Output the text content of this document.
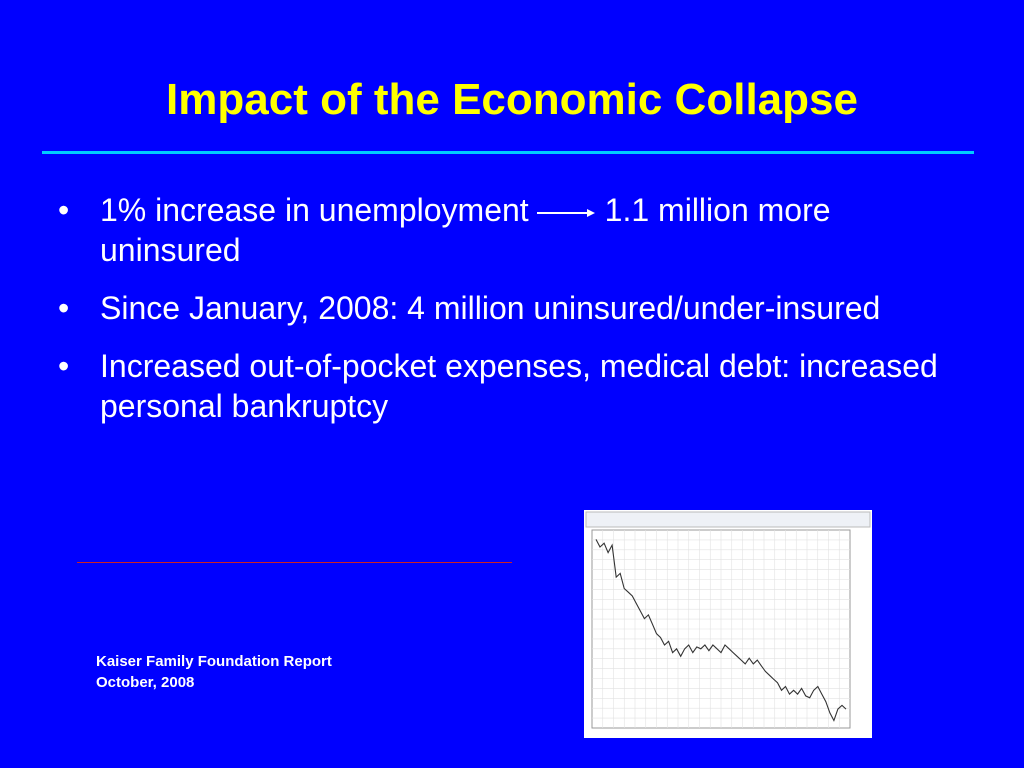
Impact of the Economic Collapse
• 1% increase in unemployment 1.1 million more uninsured
• Since January, 2008: 4 million uninsured/under-insured
• Increased out-of-pocket expenses, medical debt: increased personal bankruptcy
Kaiser Family Foundation Report
October, 2008
